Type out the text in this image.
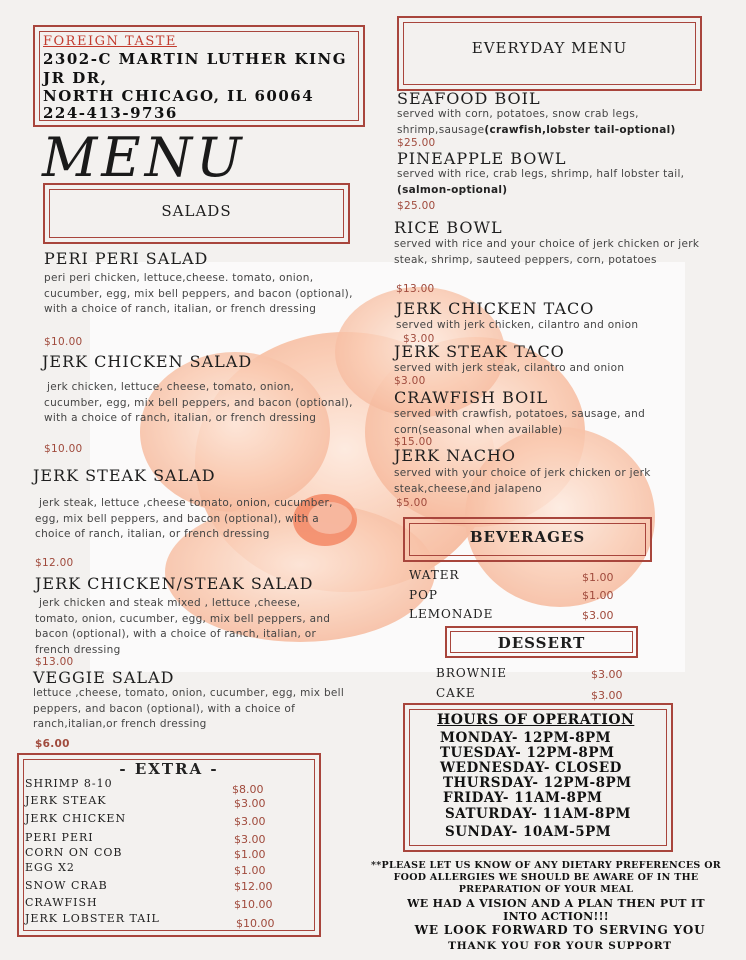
FOREIGN TASTE
2302-C MARTIN LUTHER KING
JR DR,
NORTH CHICAGO, IL 60064
224-413-9736
MENU
SALADS
PERI PERI SALAD
peri peri chicken, lettuce,cheese. tomato, onion, cucumber, egg, mix bell peppers, and bacon (optional), with a choice of ranch, italian, or french dressing
$10.00
JERK CHICKEN SALAD
jerk chicken, lettuce, cheese, tomato, onion, cucumber, egg, mix bell peppers, and bacon (optional), with a choice of ranch, italian, or french dressing
$10.00
JERK STEAK SALAD
jerk steak, lettuce ,cheese tomato, onion, cucumber, egg, mix bell peppers, and bacon (optional), with a choice of ranch, italian, or french dressing
$12.00
JERK CHICKEN/STEAK SALAD
jerk chicken and steak mixed , lettuce ,cheese, tomato, onion, cucumber, egg, mix bell peppers, and bacon (optional), with a choice of ranch, italian, or french dressing
$13.00
VEGGIE SALAD
lettuce ,cheese, tomato, onion, cucumber, egg, mix bell peppers, and bacon (optional), with a choice of ranch,italian,or french dressing
$6.00
- EXTRA -
SHRIMP 8-10	$8.00
JERK STEAK	$3.00
JERK CHICKEN	$3.00
PERI PERI	$3.00
CORN ON COB	$1.00
EGG X2	$1.00
SNOW CRAB	$12.00
CRAWFISH	$10.00
JERK LOBSTER TAIL	$10.00
EVERYDAY MENU
SEAFOOD BOIL
served with corn, potatoes, snow crab legs, shrimp,sausage(crawfish,lobster tail-optional)
$25.00
PINEAPPLE BOWL
served with rice, crab legs, shrimp, half lobster tail,
(salmon-optional)
$25.00
RICE BOWL
served with rice and your choice of jerk chicken or jerk steak, shrimp, sauteed peppers, corn, potatoes
$13.00
JERK CHICKEN TACO
served with jerk chicken, cilantro and onion
$3.00
JERK STEAK TACO
served with jerk steak, cilantro and onion
$3.00
CRAWFISH BOIL
served with crawfish, potatoes, sausage, and corn(seasonal when available)
$15.00
JERK NACHO
served with your choice of jerk chicken or jerk steak,cheese,and jalapeno
$5.00
BEVERAGES
WATER	$1.00
POP	$1.00
LEMONADE	$3.00
DESSERT
BROWNIE	$3.00
CAKE	$3.00
HOURS OF OPERATION
MONDAY- 12PM-8PM
TUESDAY- 12PM-8PM
WEDNESDAY- CLOSED
THURSDAY- 12PM-8PM
FRIDAY- 11AM-8PM
SATURDAY- 11AM-8PM
SUNDAY- 10AM-5PM
**PLEASE LET US KNOW OF ANY DIETARY PREFERENCES OR FOOD ALLERGIES WE SHOULD BE AWARE OF IN THE PREPARATION OF YOUR MEAL
WE HAD A VISION AND A PLAN THEN PUT IT INTO ACTION!!!
WE LOOK FORWARD TO SERVING YOU
THANK YOU FOR YOUR SUPPORT
